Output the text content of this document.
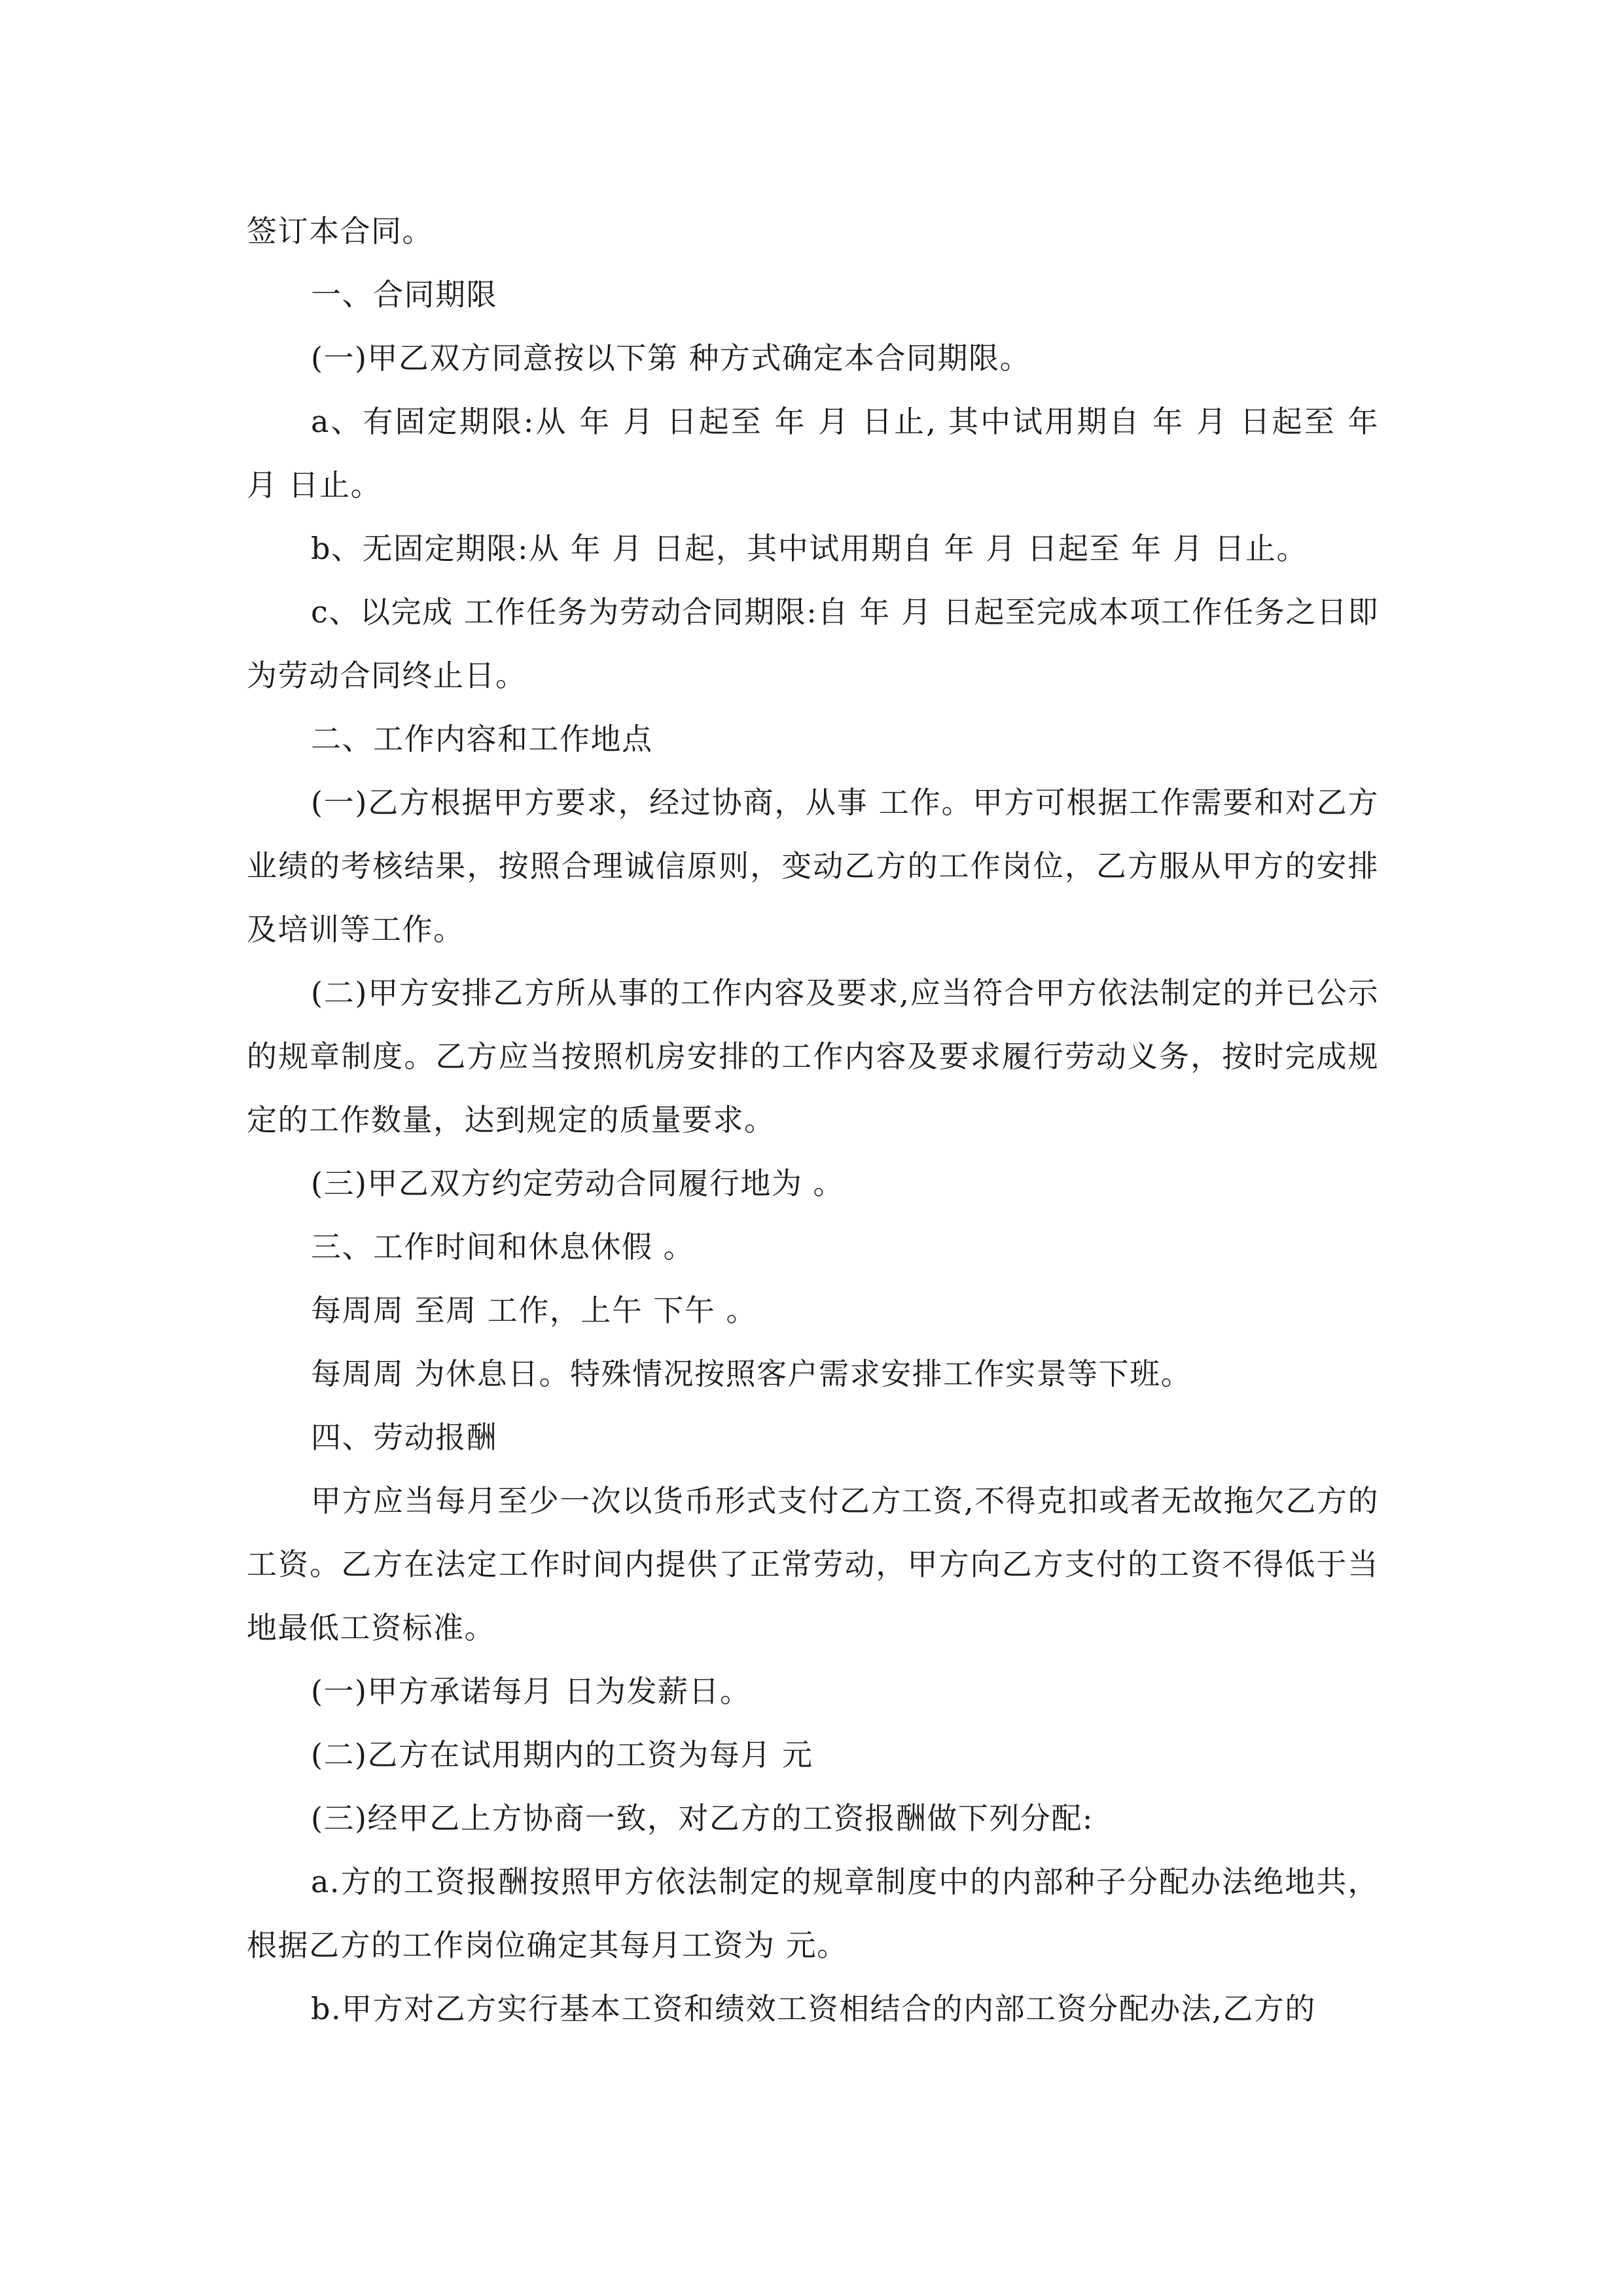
签订本合同。

一、合同期限

(一)甲乙双方同意按以下第 种方式确定本合同期限。

a、有固定期限:从 年 月 日起至 年 月 日止, 其中试用期自 年 月 日起至 年 月 日止。

b、无固定期限:从 年 月 日起，其中试用期自 年 月 日起至 年 月 日止。

c、以完成 工作任务为劳动合同期限:自 年 月 日起至完成本项工作任务之日即为劳动合同终止日。

二、工作内容和工作地点

(一)乙方根据甲方要求，经过协商，从事 工作。甲方可根据工作需要和对乙方业绩的考核结果，按照合理诚信原则，变动乙方的工作岗位，乙方服从甲方的安排及培训等工作。

(二)甲方安排乙方所从事的工作内容及要求,应当符合甲方依法制定的并已公示的规章制度。乙方应当按照机房安排的工作内容及要求履行劳动义务，按时完成规定的工作数量，达到规定的质量要求。

(三)甲乙双方约定劳动合同履行地为 。

三、工作时间和休息休假 。

每周周 至周 工作，上午 下午 。

每周周 为休息日。特殊情况按照客户需求安排工作实景等下班。

四、劳动报酬

甲方应当每月至少一次以货币形式支付乙方工资,不得克扣或者无故拖欠乙方的工资。乙方在法定工作时间内提供了正常劳动，甲方向乙方支付的工资不得低于当地最低工资标准。

(一)甲方承诺每月 日为发薪日。

(二)乙方在试用期内的工资为每月 元

(三)经甲乙上方协商一致，对乙方的工资报酬做下列分配:

a.方的工资报酬按照甲方依法制定的规章制度中的内部种子分配办法绝地共，根据乙方的工作岗位确定其每月工资为 元。

b.甲方对乙方实行基本工资和绩效工资相结合的内部工资分配办法,乙方的
